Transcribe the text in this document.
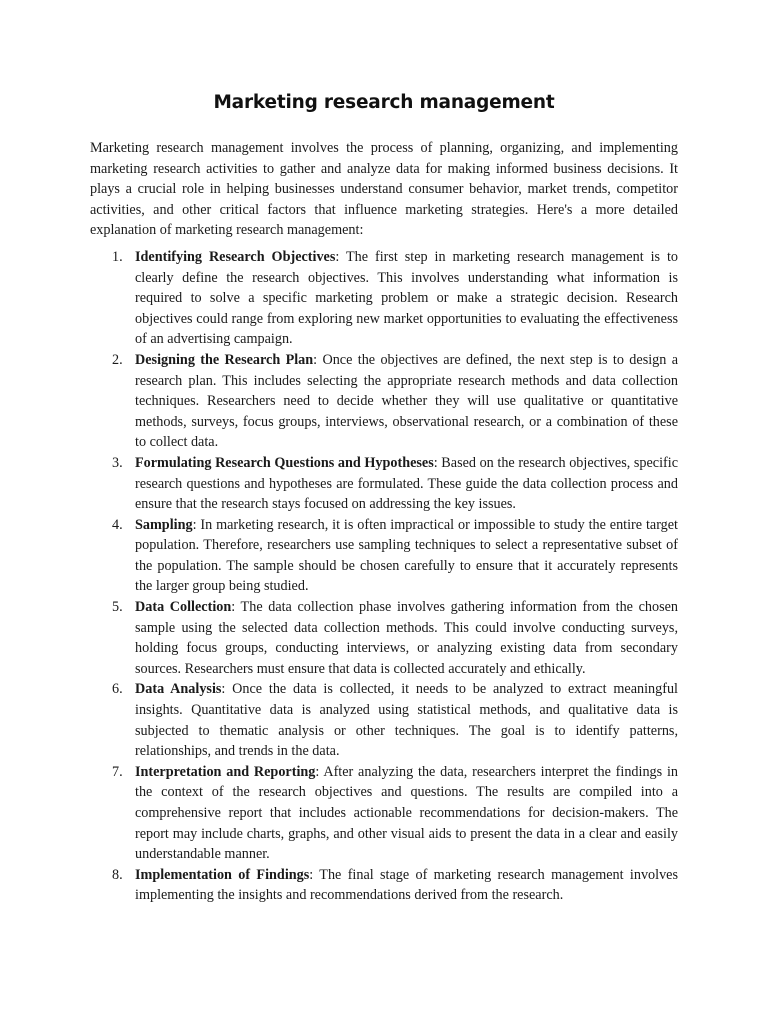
Marketing research management

Marketing research management involves the process of planning, organizing, and implementing marketing research activities to gather and analyze data for making informed business decisions. It plays a crucial role in helping businesses understand consumer behavior, market trends, competitor activities, and other critical factors that influence marketing strategies. Here's a more detailed explanation of marketing research management:

1. Identifying Research Objectives: The first step in marketing research management is to clearly define the research objectives. This involves understanding what information is required to solve a specific marketing problem or make a strategic decision. Research objectives could range from exploring new market opportunities to evaluating the effectiveness of an advertising campaign.
2. Designing the Research Plan: Once the objectives are defined, the next step is to design a research plan. This includes selecting the appropriate research methods and data collection techniques. Researchers need to decide whether they will use qualitative or quantitative methods, surveys, focus groups, interviews, observational research, or a combination of these to collect data.
3. Formulating Research Questions and Hypotheses: Based on the research objectives, specific research questions and hypotheses are formulated. These guide the data collection process and ensure that the research stays focused on addressing the key issues.
4. Sampling: In marketing research, it is often impractical or impossible to study the entire target population. Therefore, researchers use sampling techniques to select a representative subset of the population. The sample should be chosen carefully to ensure that it accurately represents the larger group being studied.
5. Data Collection: The data collection phase involves gathering information from the chosen sample using the selected data collection methods. This could involve conducting surveys, holding focus groups, conducting interviews, or analyzing existing data from secondary sources. Researchers must ensure that data is collected accurately and ethically.
6. Data Analysis: Once the data is collected, it needs to be analyzed to extract meaningful insights. Quantitative data is analyzed using statistical methods, and qualitative data is subjected to thematic analysis or other techniques. The goal is to identify patterns, relationships, and trends in the data.
7. Interpretation and Reporting: After analyzing the data, researchers interpret the findings in the context of the research objectives and questions. The results are compiled into a comprehensive report that includes actionable recommendations for decision-makers. The report may include charts, graphs, and other visual aids to present the data in a clear and easily understandable manner.
8. Implementation of Findings: The final stage of marketing research management involves implementing the insights and recommendations derived from the research.
